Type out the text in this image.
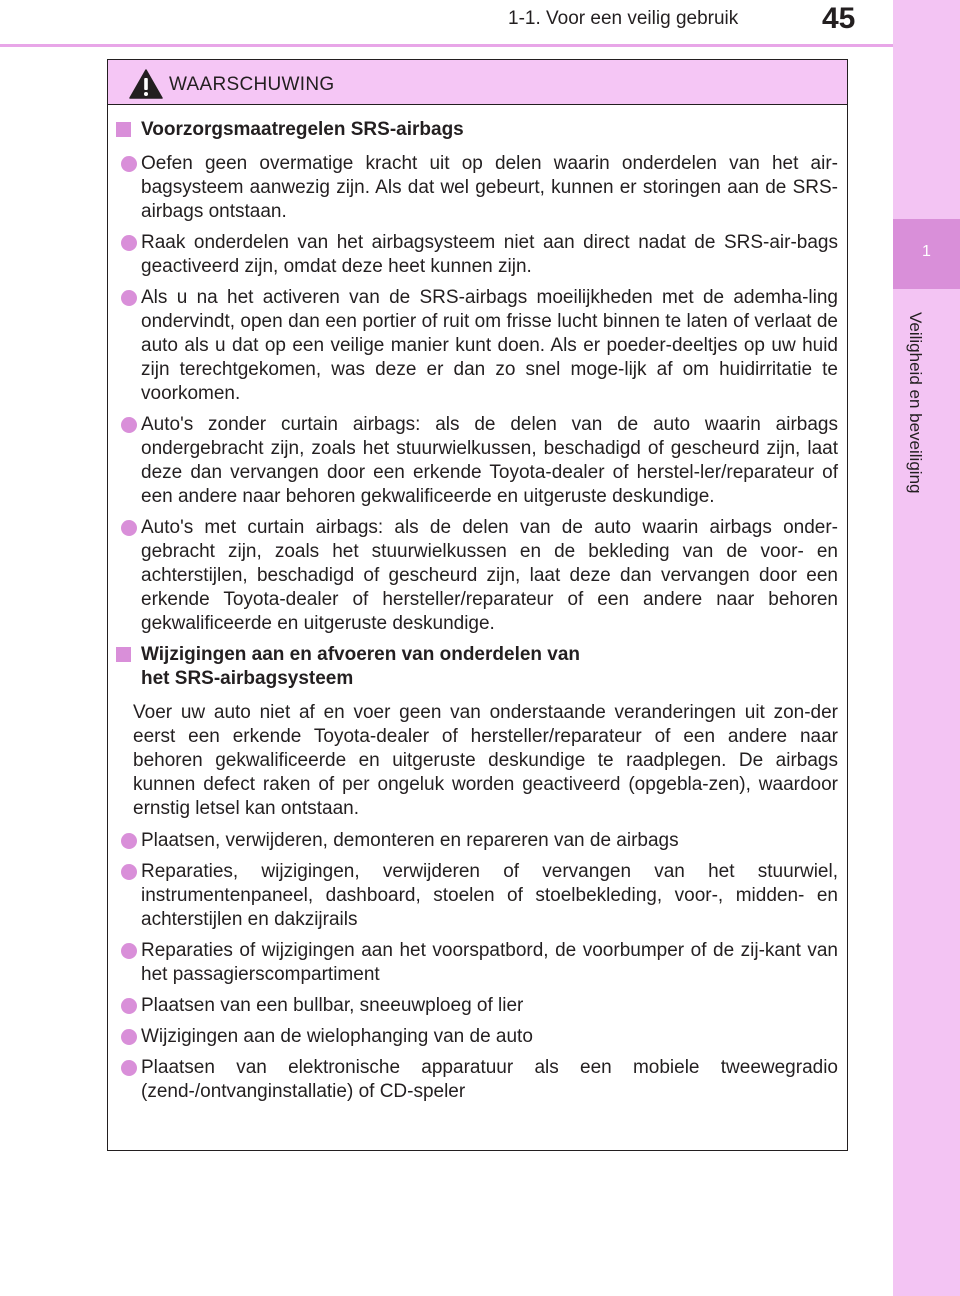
1-1. Voor een veilig gebruik	45
1
Veiligheid en beveiliging
WAARSCHUWING
Voorzorgsmaatregelen SRS-airbags
Oefen geen overmatige kracht uit op delen waarin onderdelen van het air-bagsysteem aanwezig zijn. Als dat wel gebeurt, kunnen er storingen aan de SRS-airbags ontstaan.
Raak onderdelen van het airbagsysteem niet aan direct nadat de SRS-air-bags geactiveerd zijn, omdat deze heet kunnen zijn.
Als u na het activeren van de SRS-airbags moeilijkheden met de ademha-ling ondervindt, open dan een portier of ruit om frisse lucht binnen te laten of verlaat de auto als u dat op een veilige manier kunt doen. Als er poeder-deeltjes op uw huid zijn terechtgekomen, was deze er dan zo snel moge-lijk af om huidirritatie te voorkomen.
Auto's zonder curtain airbags: als de delen van de auto waarin airbags ondergebracht zijn, zoals het stuurwielkussen, beschadigd of gescheurd zijn, laat deze dan vervangen door een erkende Toyota-dealer of herstel-ler/reparateur of een andere naar behoren gekwalificeerde en uitgeruste deskundige.
Auto's met curtain airbags: als de delen van de auto waarin airbags onder-gebracht zijn, zoals het stuurwielkussen en de bekleding van de voor- en achterstijlen, beschadigd of gescheurd zijn, laat deze dan vervangen door een erkende Toyota-dealer of hersteller/reparateur of een andere naar behoren gekwalificeerde en uitgeruste deskundige.
Wijzigingen aan en afvoeren van onderdelen van
het SRS-airbagsysteem
Voer uw auto niet af en voer geen van onderstaande veranderingen uit zon-der eerst een erkende Toyota-dealer of hersteller/reparateur of een andere naar behoren gekwalificeerde en uitgeruste deskundige te raadplegen. De airbags kunnen defect raken of per ongeluk worden geactiveerd (opgebla-zen), waardoor ernstig letsel kan ontstaan.
Plaatsen, verwijderen, demonteren en repareren van de airbags
Reparaties, wijzigingen, verwijderen of vervangen van het stuurwiel, instrumentenpaneel, dashboard, stoelen of stoelbekleding, voor-, midden- en achterstijlen en dakzijrails
Reparaties of wijzigingen aan het voorspatbord, de voorbumper of de zij-kant van het passagierscompartiment
Plaatsen van een bullbar, sneeuwploeg of lier
Wijzigingen aan de wielophanging van de auto
Plaatsen van elektronische apparatuur als een mobiele tweewegradio (zend-/ontvanginstallatie) of CD-speler
